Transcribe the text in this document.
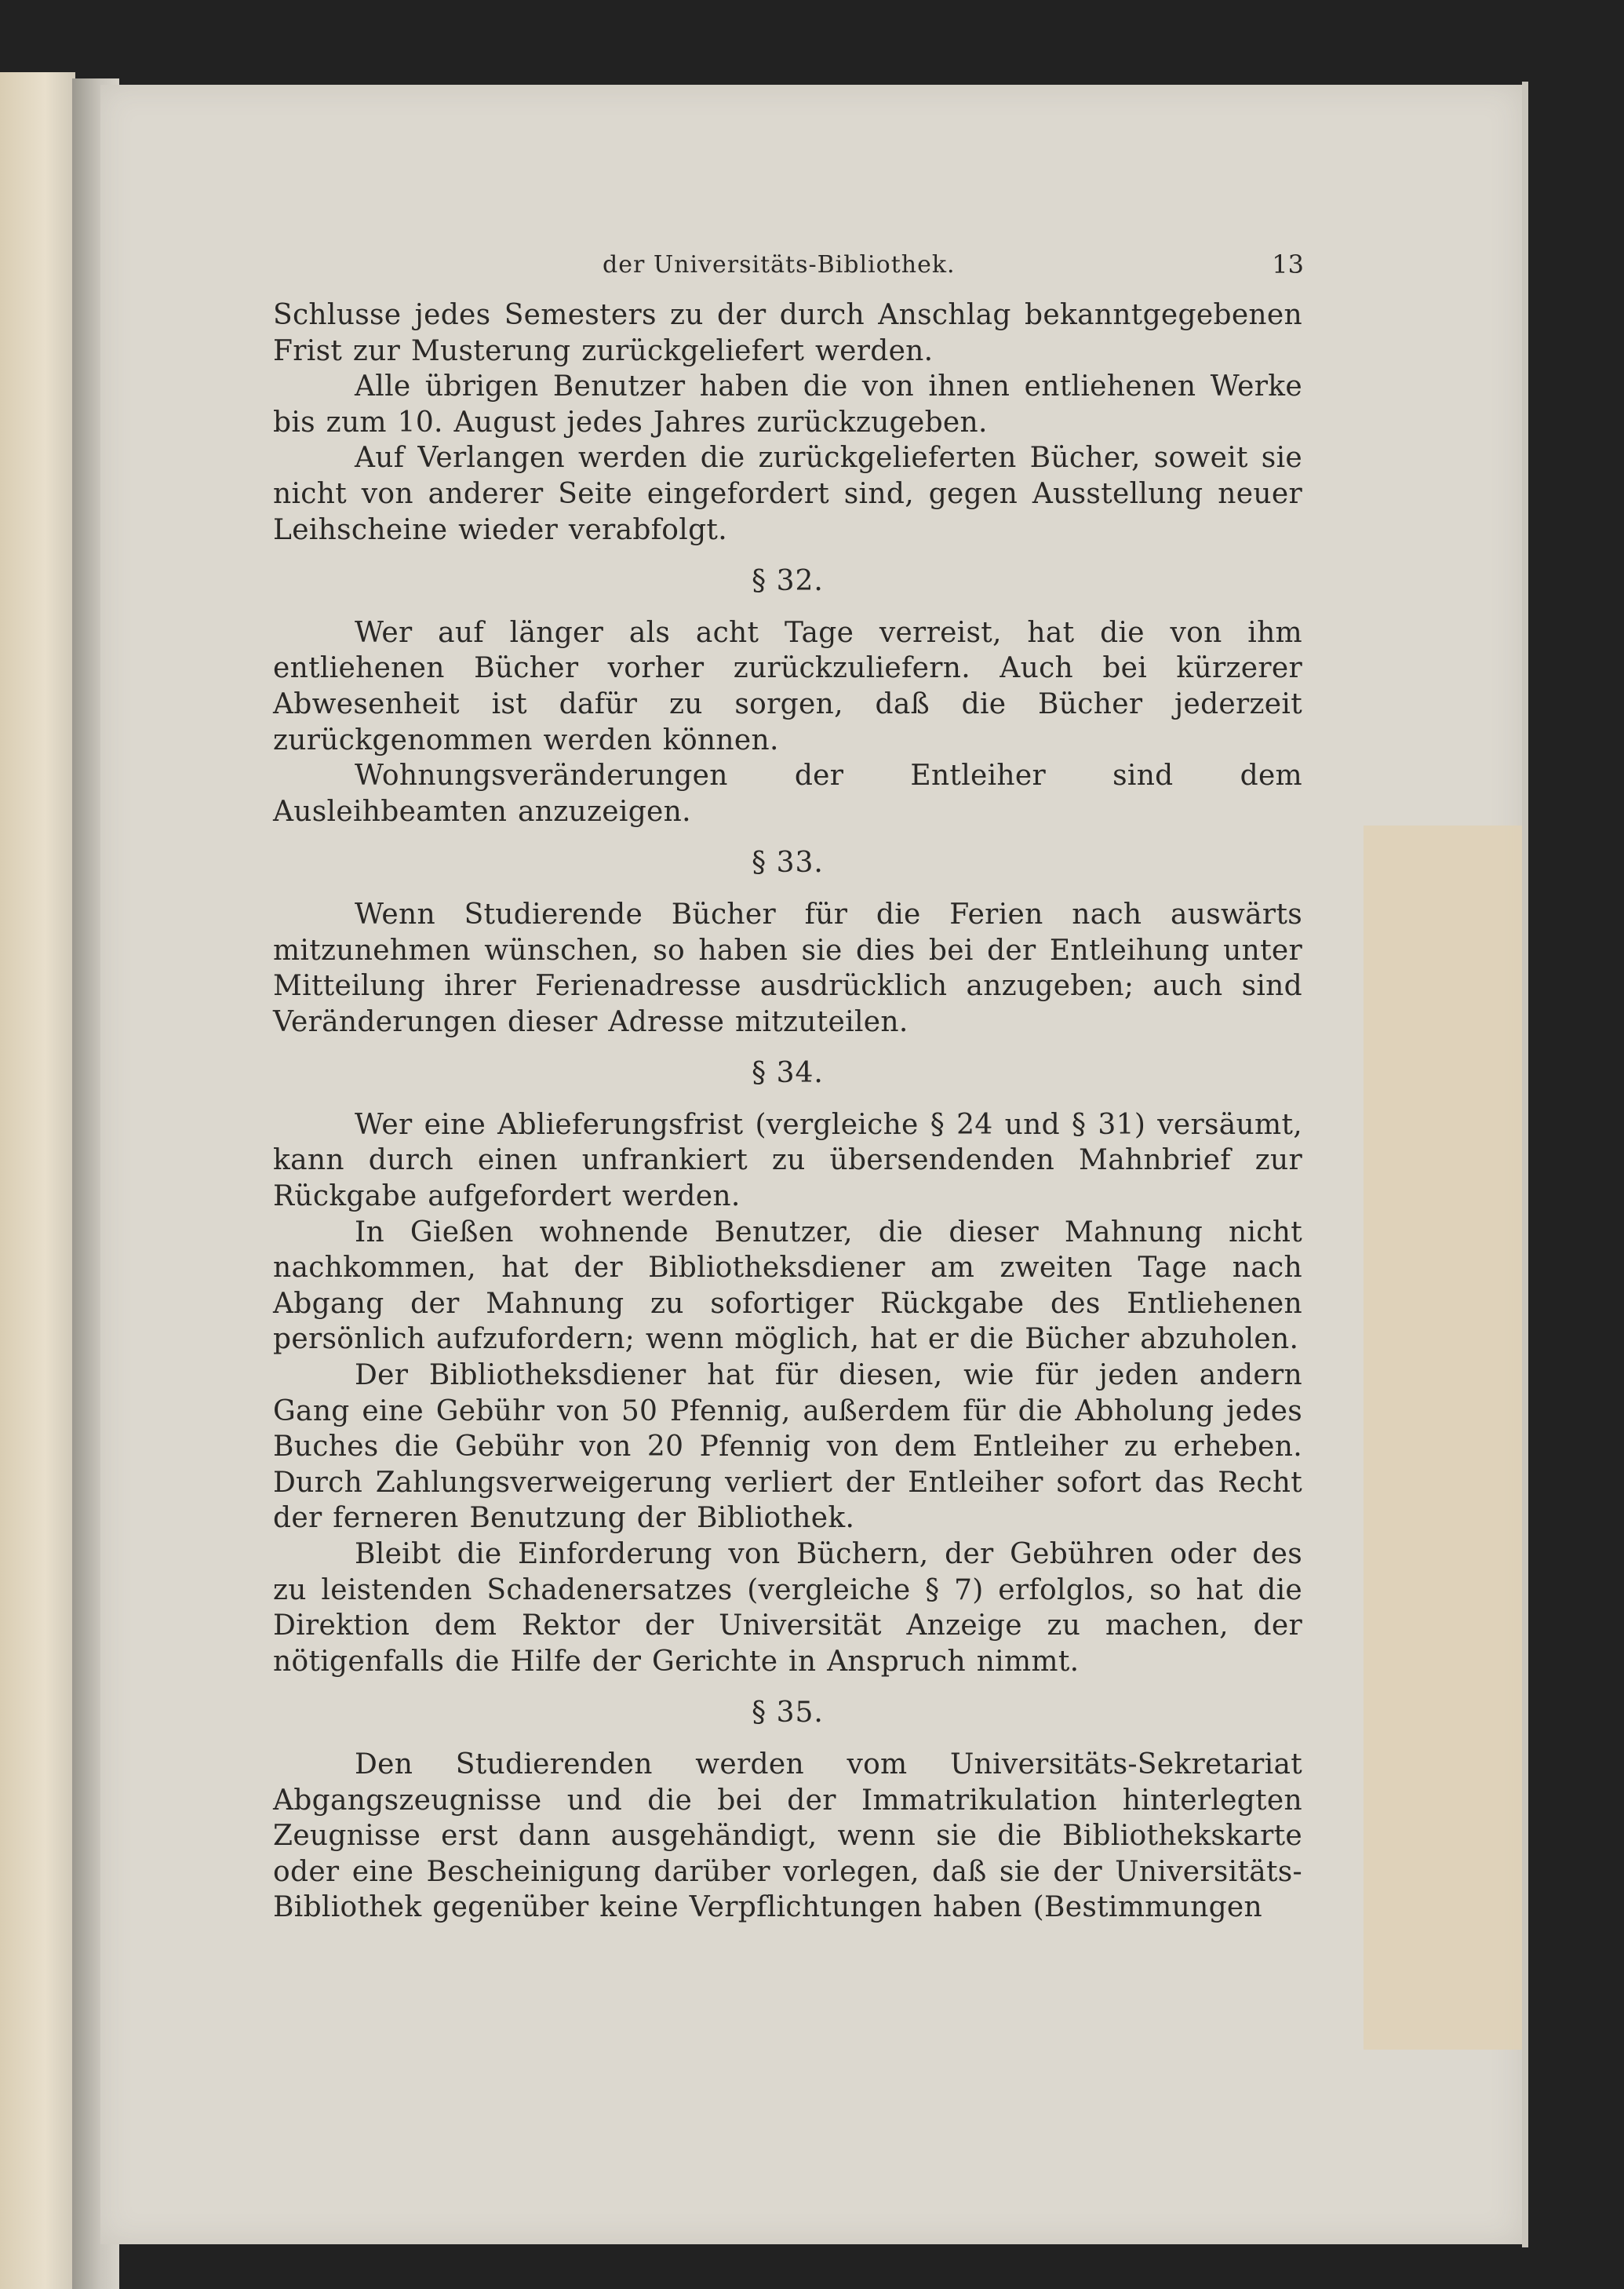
der Universitäts-Bibliothek.	13

Schlusse jedes Semesters zu der durch Anschlag bekanntgegebenen Frist zur Musterung zurückgeliefert werden.

Alle übrigen Benutzer haben die von ihnen entliehenen Werke bis zum 10. August jedes Jahres zurückzugeben.

Auf Verlangen werden die zurückgelieferten Bücher, soweit sie nicht von anderer Seite eingefordert sind, gegen Ausstellung neuer Leihscheine wieder verabfolgt.

§ 32.

Wer auf länger als acht Tage verreist, hat die von ihm entliehenen Bücher vorher zurückzuliefern. Auch bei kürzerer Abwesenheit ist dafür zu sorgen, daß die Bücher jederzeit zurückgenommen werden können.

Wohnungsveränderungen der Entleiher sind dem Ausleihbeamten anzuzeigen.

§ 33.

Wenn Studierende Bücher für die Ferien nach auswärts mitzunehmen wünschen, so haben sie dies bei der Entleihung unter Mitteilung ihrer Ferienadresse ausdrücklich anzugeben; auch sind Veränderungen dieser Adresse mitzuteilen.

§ 34.

Wer eine Ablieferungsfrist (vergleiche § 24 und § 31) versäumt, kann durch einen unfrankiert zu übersendenden Mahnbrief zur Rückgabe aufgefordert werden.

In Gießen wohnende Benutzer, die dieser Mahnung nicht nachkommen, hat der Bibliotheksdiener am zweiten Tage nach Abgang der Mahnung zu sofortiger Rückgabe des Entliehenen persönlich aufzufordern; wenn möglich, hat er die Bücher abzuholen.

Der Bibliotheksdiener hat für diesen, wie für jeden andern Gang eine Gebühr von 50 Pfennig, außerdem für die Abholung jedes Buches die Gebühr von 20 Pfennig von dem Entleiher zu erheben. Durch Zahlungsverweigerung verliert der Entleiher sofort das Recht der ferneren Benutzung der Bibliothek.

Bleibt die Einforderung von Büchern, der Gebühren oder des zu leistenden Schadenersatzes (vergleiche § 7) erfolglos, so hat die Direktion dem Rektor der Universität Anzeige zu machen, der nötigenfalls die Hilfe der Gerichte in Anspruch nimmt.

§ 35.

Den Studierenden werden vom Universitäts-Sekretariat Abgangszeugnisse und die bei der Immatrikulation hinterlegten Zeugnisse erst dann ausgehändigt, wenn sie die Bibliothekskarte oder eine Bescheinigung darüber vorlegen, daß sie der Universitäts-Bibliothek gegenüber keine Verpflichtungen haben (Bestimmungen
